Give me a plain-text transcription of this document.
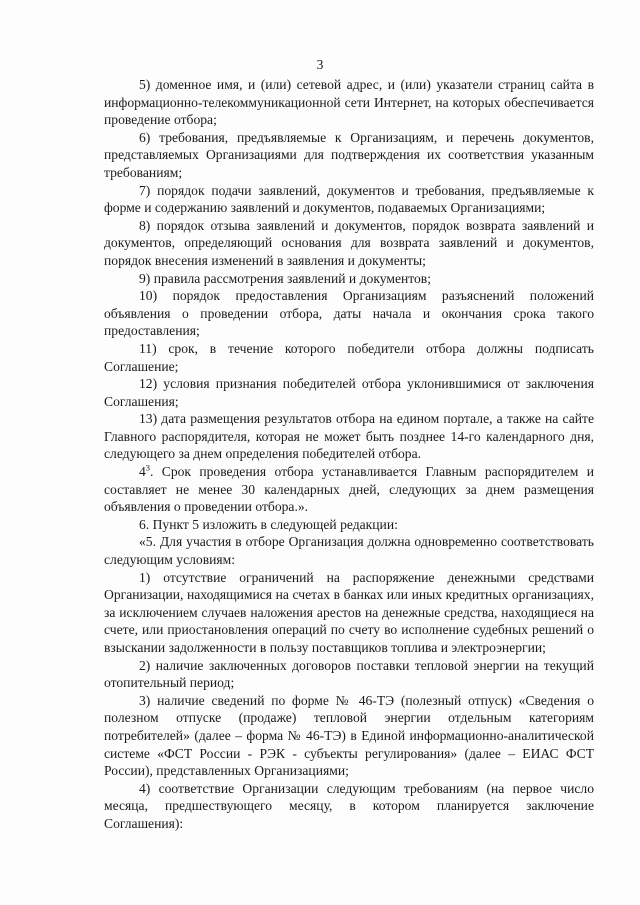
3

5) доменное имя, и (или) сетевой адрес, и (или) указатели страниц сайта в информационно-телекоммуникационной сети Интернет, на которых обеспечивается проведение отбора;

6) требования, предъявляемые к Организациям, и перечень документов, представляемых Организациями для подтверждения их соответствия указанным требованиям;

7) порядок подачи заявлений, документов и требования, предъявляемые к форме и содержанию заявлений и документов, подаваемых Организациями;

8) порядок отзыва заявлений и документов, порядок возврата заявлений и документов, определяющий основания для возврата заявлений и документов, порядок внесения изменений в заявления и документы;

9) правила рассмотрения заявлений и документов;

10) порядок предоставления Организациям разъяснений положений объявления о проведении отбора, даты начала и окончания срока такого предоставления;

11) срок, в течение которого победители отбора должны подписать Соглашение;

12) условия признания победителей отбора уклонившимися от заключения Соглашения;

13) дата размещения результатов отбора на едином портале, а также на сайте Главного распорядителя, которая не может быть позднее 14-го календарного дня, следующего за днем определения победителей отбора.

$4^3$. Срок проведения отбора устанавливается Главным распорядителем и составляет не менее 30 календарных дней, следующих за днем размещения объявления о проведении отбора.».

6. Пункт 5 изложить в следующей редакции:

«5. Для участия в отборе Организация должна одновременно соответствовать следующим условиям:

1) отсутствие ограничений на распоряжение денежными средствами Организации, находящимися на счетах в банках или иных кредитных организациях, за исключением случаев наложения арестов на денежные средства, находящиеся на счете, или приостановления операций по счету во исполнение судебных решений о взыскании задолженности в пользу поставщиков топлива и электроэнергии;

2) наличие заключенных договоров поставки тепловой энергии на текущий отопительный период;

3) наличие сведений по форме № 46-ТЭ (полезный отпуск) «Сведения о полезном отпуске (продаже) тепловой энергии отдельным категориям потребителей» (далее – форма № 46-ТЭ) в Единой информационно-аналитической системе «ФСТ России - РЭК - субъекты регулирования» (далее – ЕИАС ФСТ России), представленных Организациями;

4) соответствие Организации следующим требованиям (на первое число месяца, предшествующего месяцу, в котором планируется заключение Соглашения):
